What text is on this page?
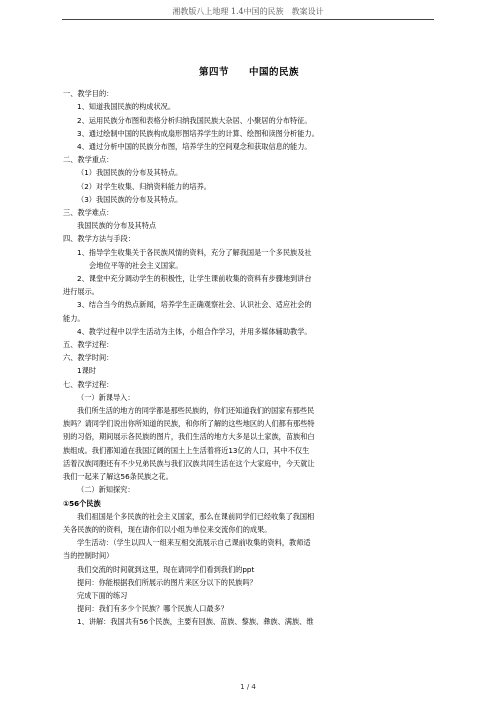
湘教版八上地理 1.4中国的民族　教案设计
第四节 中国的民族

一、教学目的：

1、知道我国民族的构成状况。

2、运用民族分布图和表格分析归纳我国民族大杂居、小聚居的分布特征。

3、通过绘制中国的民族构成扇形图培养学生的计算、绘图和读图分析能力。

4、通过分析中国的民族分布图，培养学生的空间观念和获取信息的能力。

二、教学重点：

（1）我国民族的分布及其特点。

（2）对学生收集、归纳资料能力的培养。

（3）我国民族的分布及其特点。

三、教学难点：

我国民族的分布及其特点

四、教学方法与手段：

1、指导学生收集关于各民族风情的资料，充分了解我国是一个多民族及社

会地位平等的社会主义国家。

2、课堂中充分调动学生的积极性，让学生课前收集的资料有步骤地到讲台

进行展示。

3、结合当今的热点新闻，培养学生正确观察社会、认识社会、适应社会的

能力。

4、教学过程中以学生活动为主体，小组合作学习，并用多媒体辅助教学。

五、教学过程：

六、教学时间：

1课时

七、教学过程：

（一）新课导入：

我们所生活的地方的同学都是那些民族的，你们还知道我们的国家有那些民

族吗？请同学们说出你所知道的民族，和你所了解的这些地区的人们都有那些特

别的习俗，期间展示各民族的图片，我们生活的地方大多是以土家族，苗族和白

族组成。我们都知道在我国辽阔的国土上生活着将近13亿的人口，其中不仅生

活着汉族同胞还有不少兄弟民族与我们汉族共同生活在这个大家庭中，今天就让

我们一起来了解这56条民族之花。

（二）新知探究：

①56个民族

我们祖国是个多民族的社会主义国家，那么在课前同学们已经收集了我国相

关各民族的的资料，现在请你们以小组为单位来交流你们的成果。

学生活动：（学生以四人一组来互相交流展示自己课前收集的资料，教师适

当的控制时间）

我们交流的时间就到这里，现在请同学们看到我们的ppt

提问：你能根据我们所展示的图片来区分以下的民族吗？

完成下面的练习

提问：我们有多少个民族？哪个民族人口最多？

1、讲解：我国共有56个民族，主要有回族、苗族、黎族、彝族、满族、维

1 / 4
